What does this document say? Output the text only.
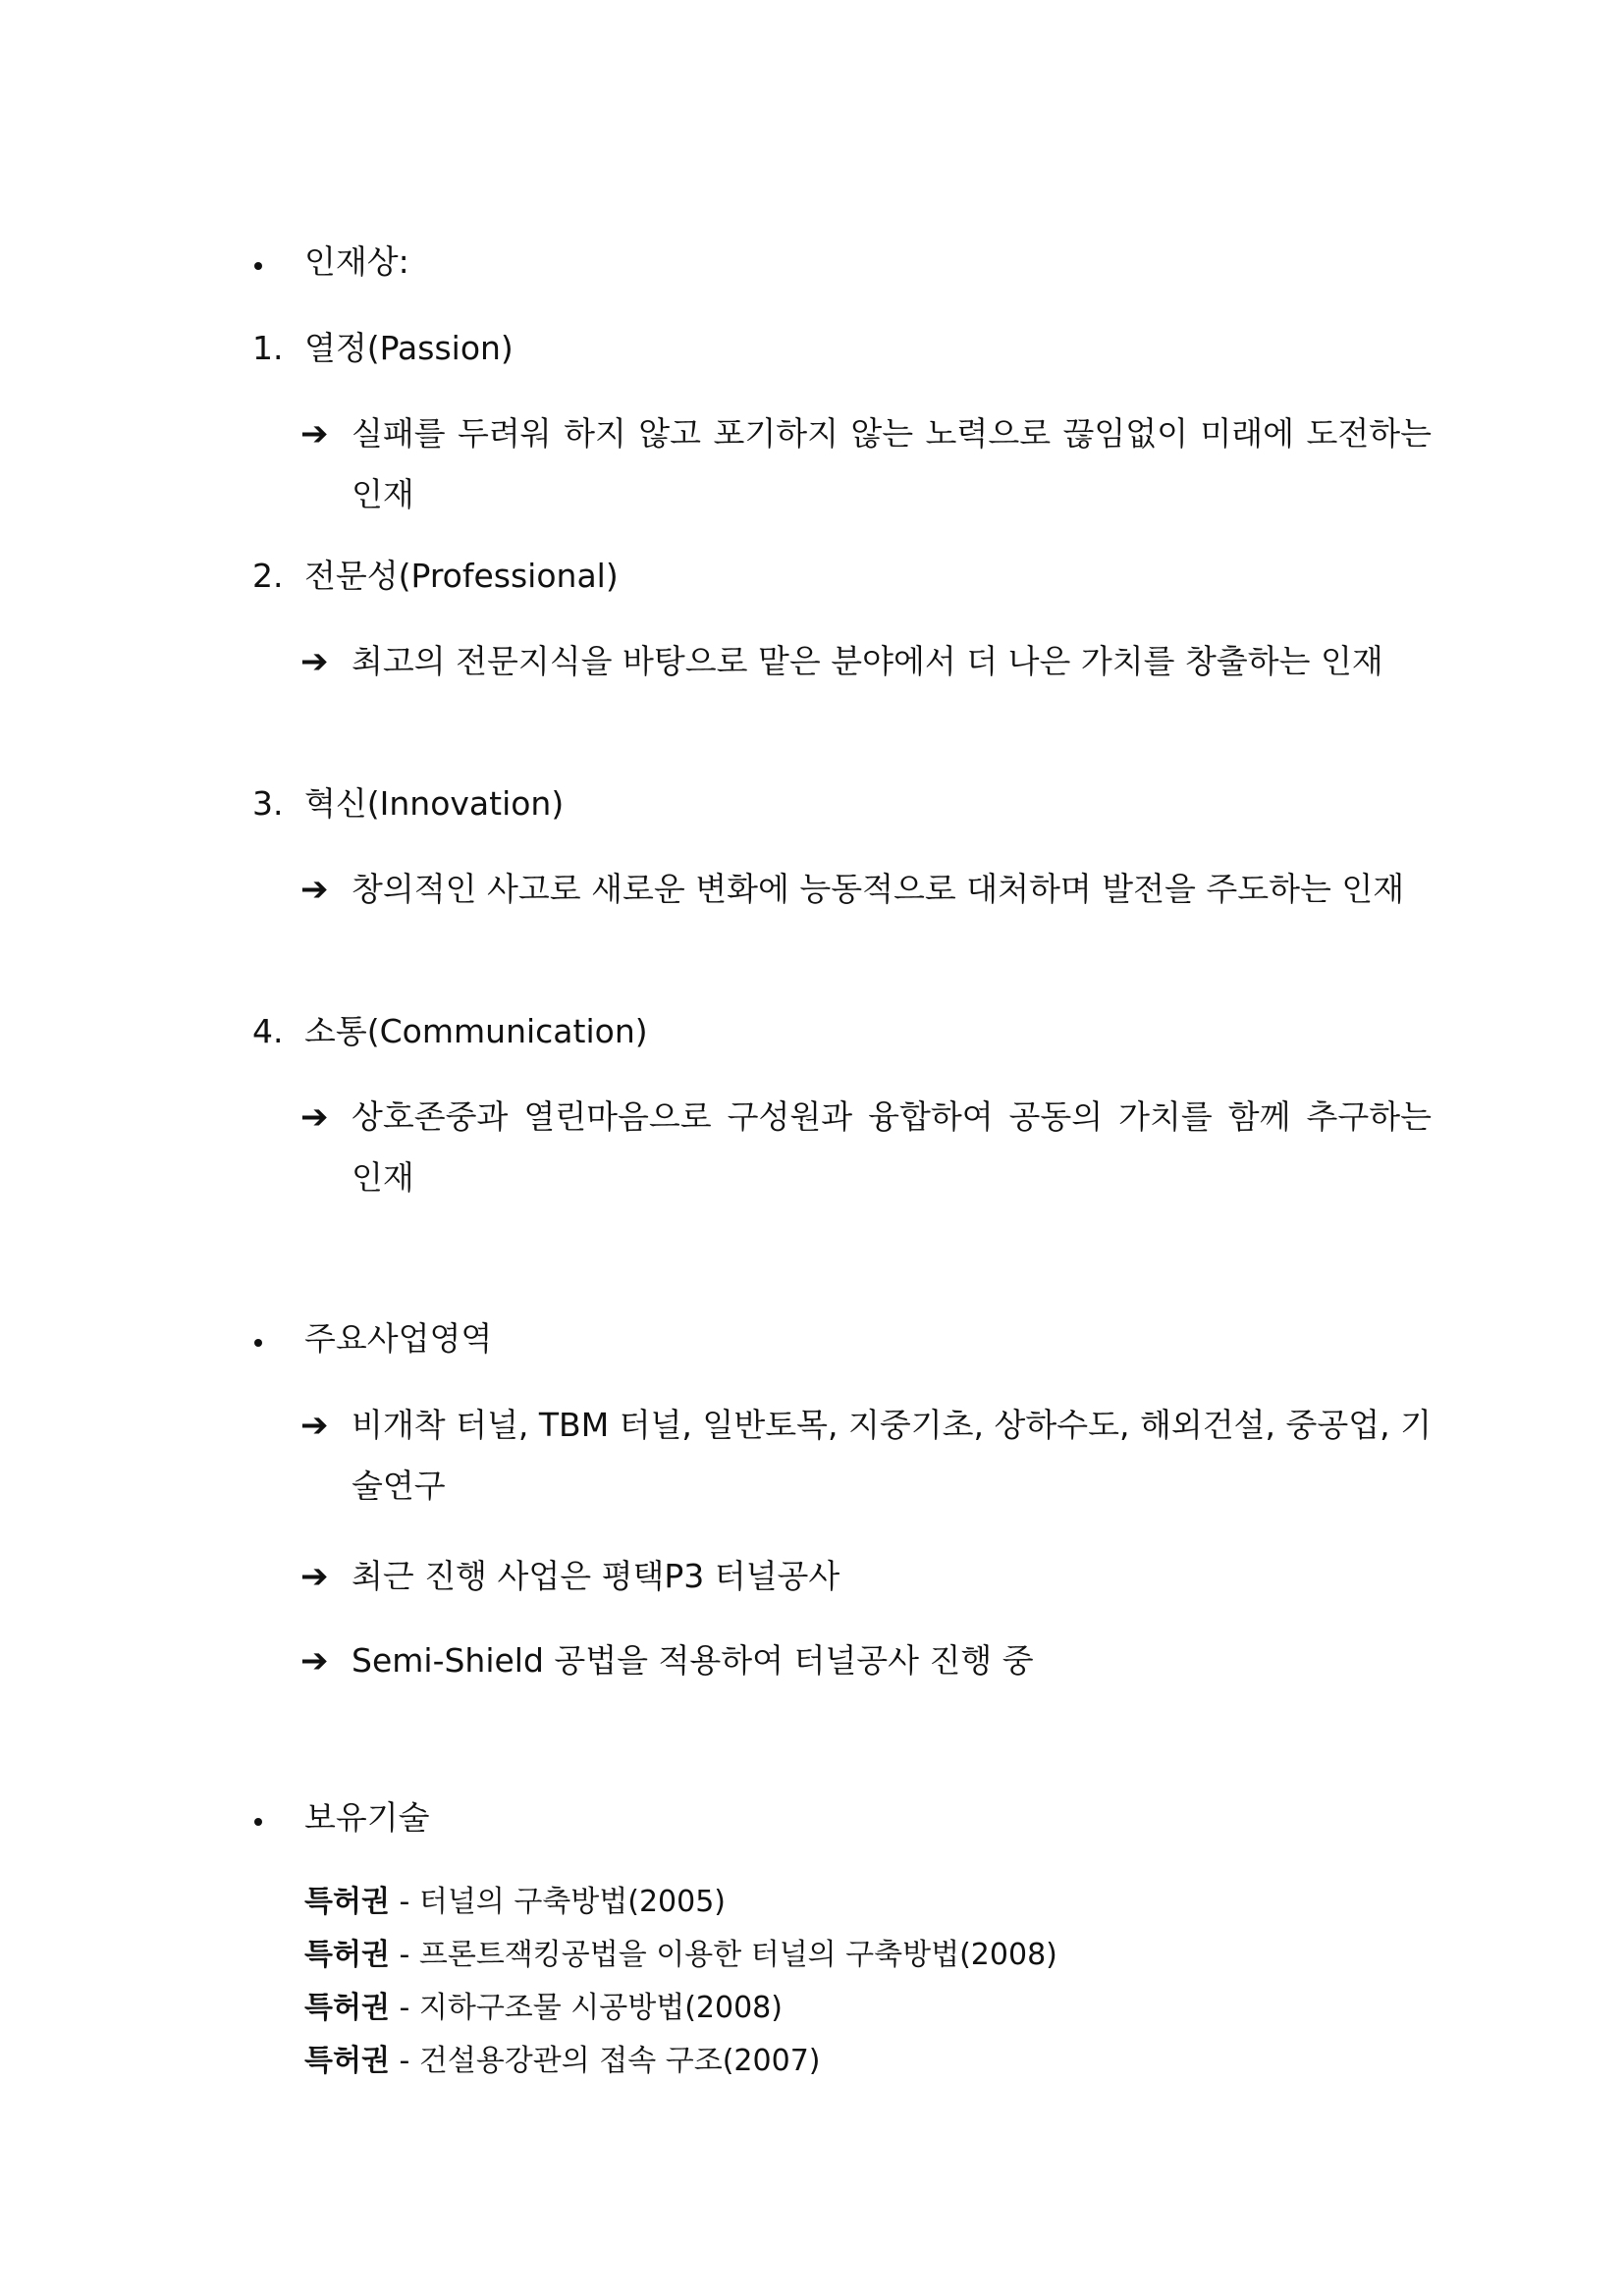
인재상:
1. 열정(Passion)
➔ 실패를 두려워 하지 않고 포기하지 않는 노력으로 끊임없이 미래에 도전하는 인재
2. 전문성(Professional)
➔ 최고의 전문지식을 바탕으로 맡은 분야에서 더 나은 가치를 창출하는 인재
3. 혁신(Innovation)
➔ 창의적인 사고로 새로운 변화에 능동적으로 대처하며 발전을 주도하는 인재
4. 소통(Communication)
➔ 상호존중과 열린마음으로 구성원과 융합하여 공동의 가치를 함께 추구하는 인재
주요사업영역
➔ 비개착 터널, TBM 터널, 일반토목, 지중기초, 상하수도, 해외건설, 중공업, 기술연구
➔ 최근 진행 사업은 평택P3 터널공사
➔ Semi-Shield 공법을 적용하여 터널공사 진행 중
보유기술
특허권 - 터널의 구축방법(2005)
특허권 - 프론트잭킹공법을 이용한 터널의 구축방법(2008)
특허권 - 지하구조물 시공방법(2008)
특허권 - 건설용강관의 접속 구조(2007)
